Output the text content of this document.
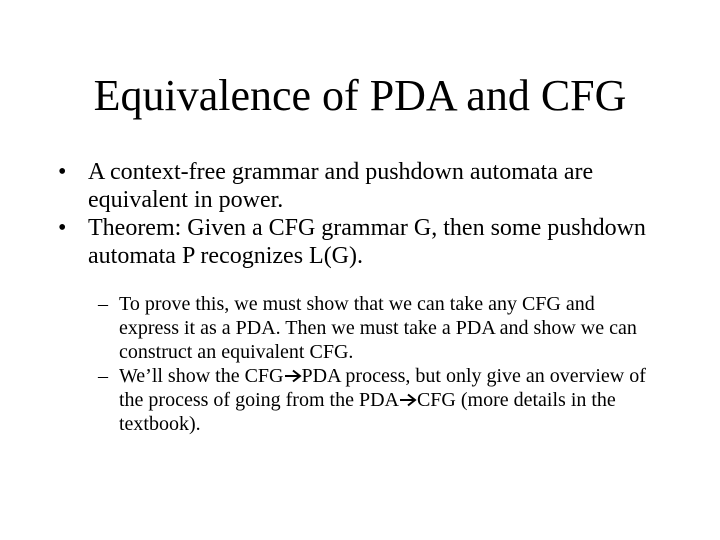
Equivalence of PDA and CFG
• A context-free grammar and pushdown automata are equivalent in power.
• Theorem: Given a CFG grammar G, then some pushdown automata P recognizes L(G).
– To prove this, we must show that we can take any CFG and express it as a PDA. Then we must take a PDA and show we can construct an equivalent CFG.
– We’ll show the CFG PDA process, but only give an overview of the process of going from the PDA CFG (more details in the textbook).
